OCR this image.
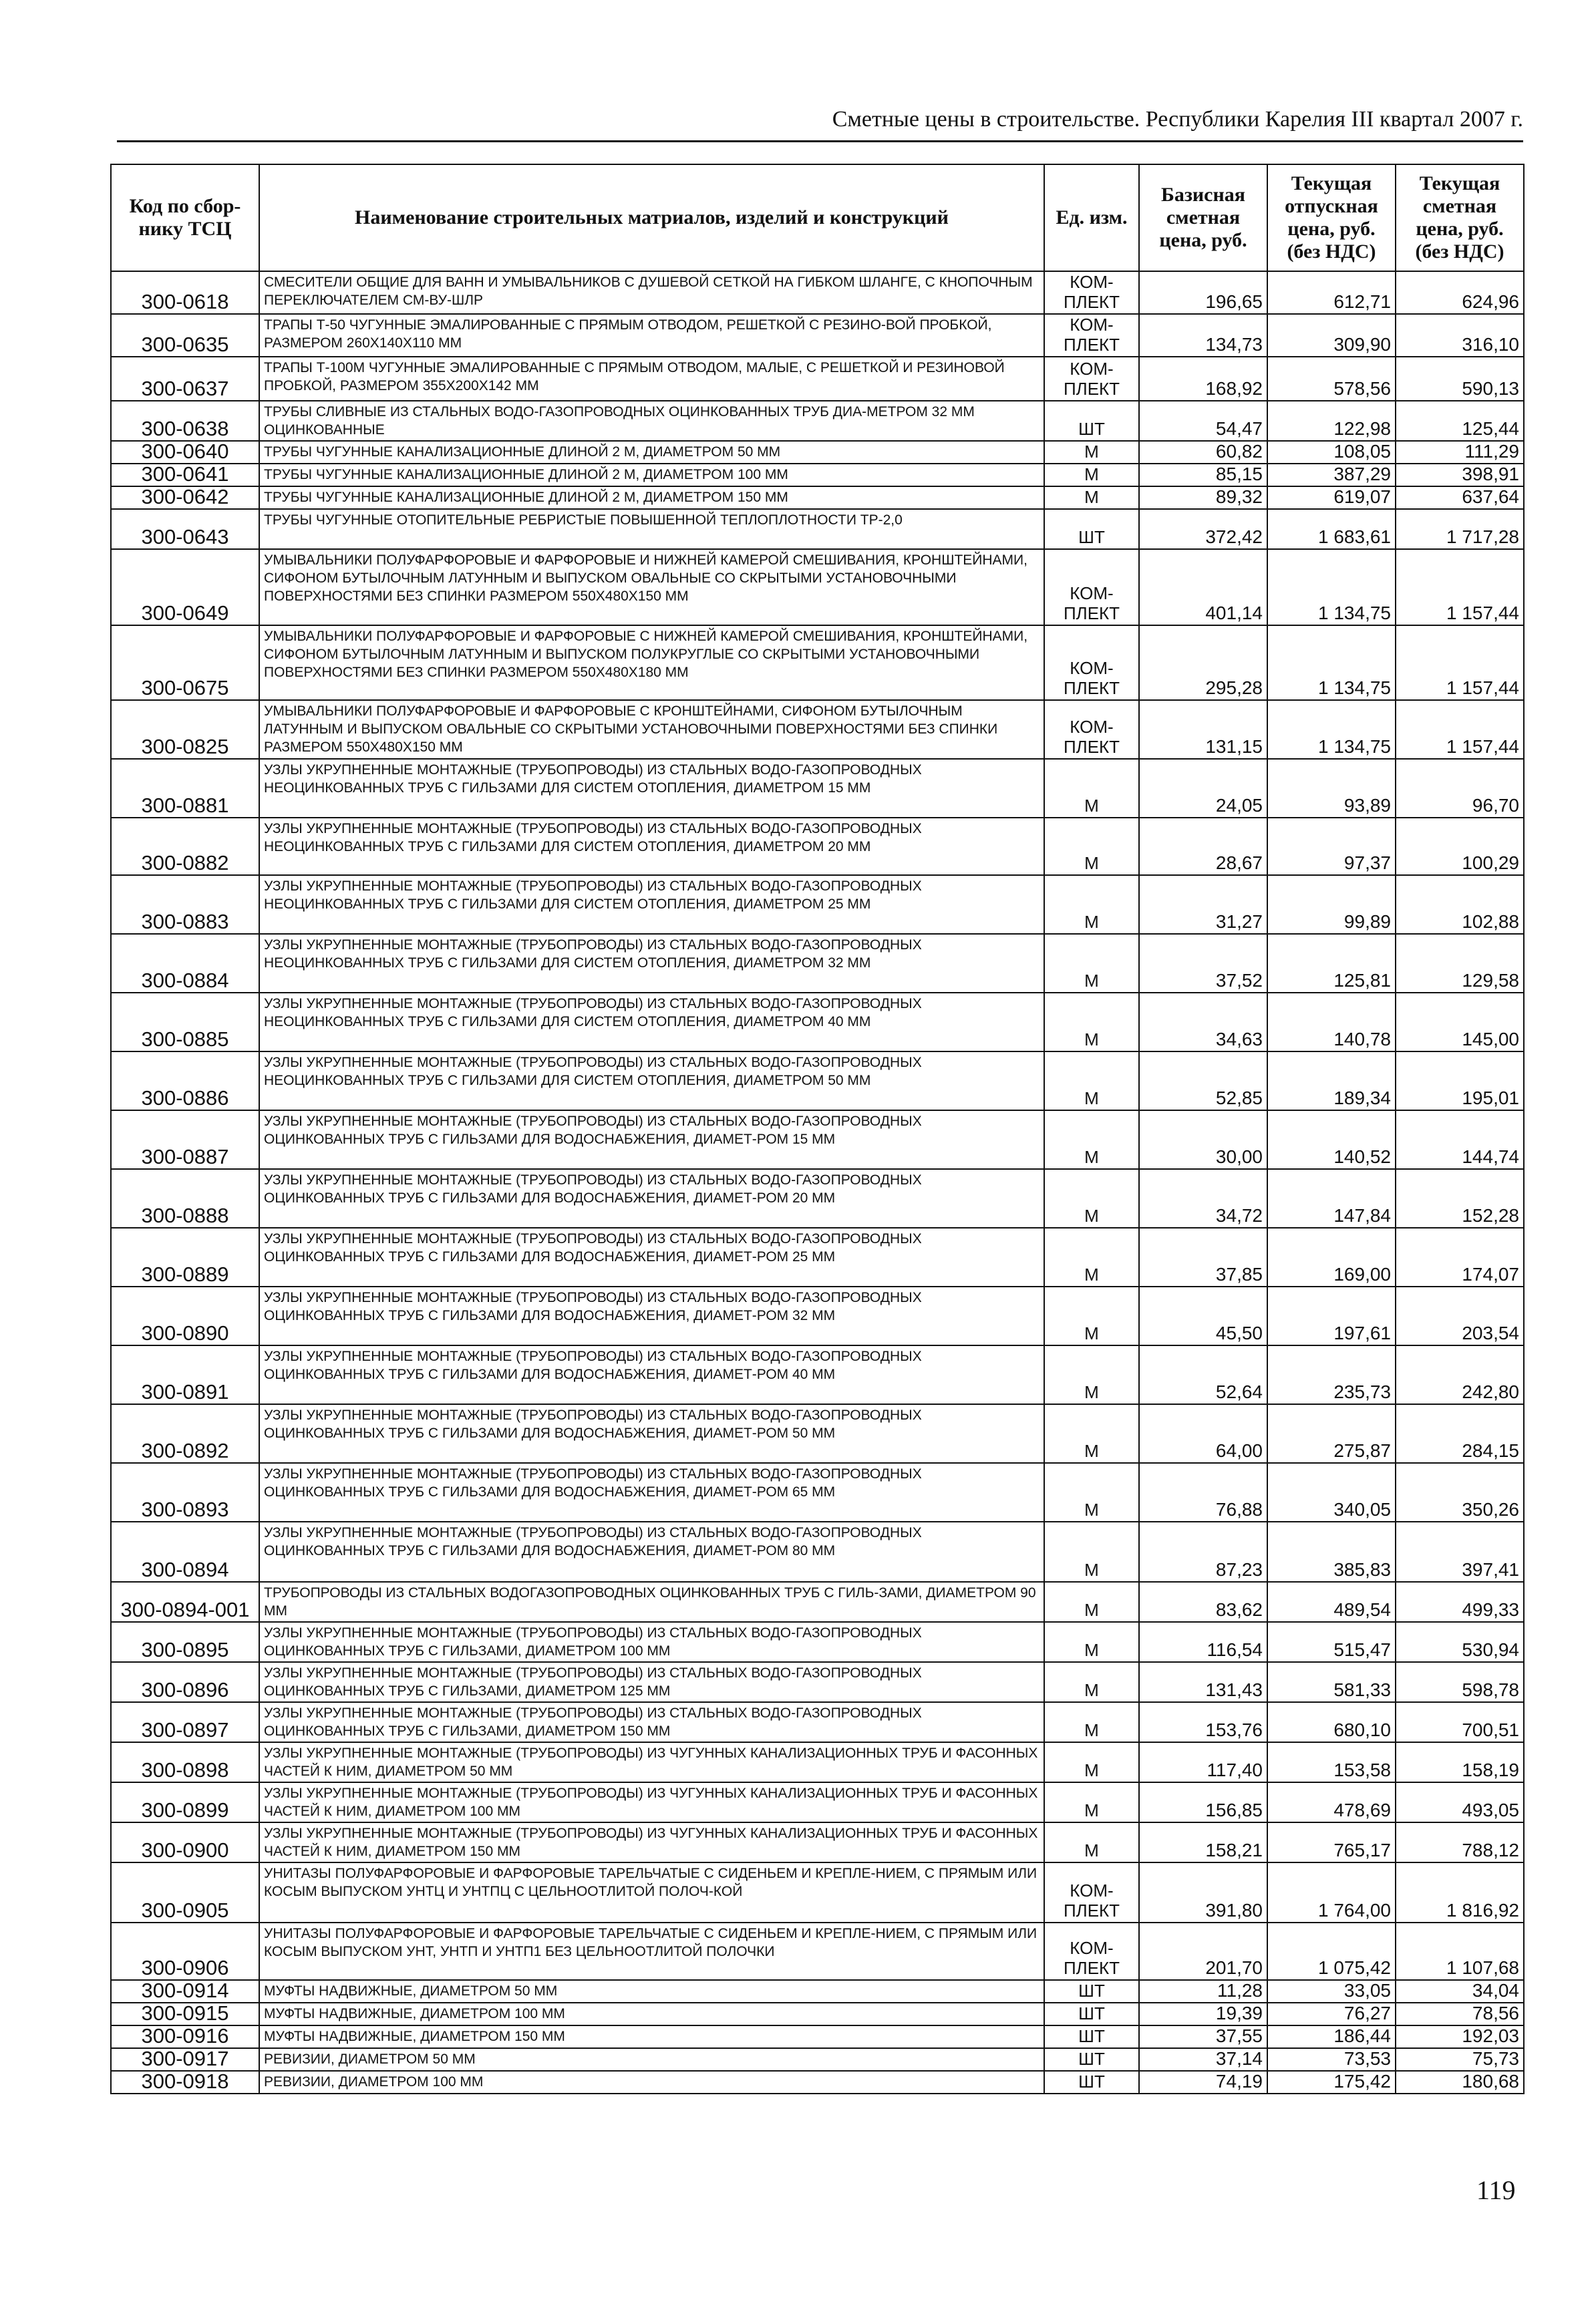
Сметные цены в строительстве. Республики Карелия III квартал 2007 г.
Код по сбор-нику ТСЦ	Наименование строительных матриалов, изделий и конструкций	Ед. изм.	Базисная сметная цена, руб.	Текущая отпускная цена, руб. (без НДС)	Текущая сметная цена, руб. (без НДС)
300-0618	СМЕСИТЕЛИ ОБЩИЕ ДЛЯ ВАНН И УМЫВАЛЬНИКОВ С ДУШЕВОЙ СЕТКОЙ НА ГИБКОМ ШЛАНГЕ, С КНОПОЧНЫМ ПЕРЕКЛЮЧАТЕЛЕМ СМ-ВУ-ШЛР	КОМ-ПЛЕКТ	196,65	612,71	624,96
300-0635	ТРАПЫ Т-50 ЧУГУННЫЕ ЭМАЛИРОВАННЫЕ С ПРЯМЫМ ОТВОДОМ, РЕШЕТКОЙ С РЕЗИНО-ВОЙ ПРОБКОЙ, РАЗМЕРОМ 260Х140Х110 ММ	КОМ-ПЛЕКТ	134,73	309,90	316,10
300-0637	ТРАПЫ Т-100М ЧУГУННЫЕ ЭМАЛИРОВАННЫЕ С ПРЯМЫМ ОТВОДОМ, МАЛЫЕ, С РЕШЕТКОЙ И РЕЗИНОВОЙ ПРОБКОЙ, РАЗМЕРОМ 355Х200Х142 ММ	КОМ-ПЛЕКТ	168,92	578,56	590,13
300-0638	ТРУБЫ СЛИВНЫЕ ИЗ СТАЛЬНЫХ ВОДО-ГАЗОПРОВОДНЫХ ОЦИНКОВАННЫХ ТРУБ ДИА-МЕТРОМ 32 ММ ОЦИНКОВАННЫЕ	ШТ	54,47	122,98	125,44
300-0640	ТРУБЫ ЧУГУННЫЕ КАНАЛИЗАЦИОННЫЕ ДЛИНОЙ 2 М, ДИАМЕТРОМ 50 ММ	М	60,82	108,05	111,29
300-0641	ТРУБЫ ЧУГУННЫЕ КАНАЛИЗАЦИОННЫЕ ДЛИНОЙ 2 М, ДИАМЕТРОМ 100 ММ	М	85,15	387,29	398,91
300-0642	ТРУБЫ ЧУГУННЫЕ КАНАЛИЗАЦИОННЫЕ ДЛИНОЙ 2 М, ДИАМЕТРОМ 150 ММ	М	89,32	619,07	637,64
300-0643	ТРУБЫ ЧУГУННЫЕ ОТОПИТЕЛЬНЫЕ РЕБРИСТЫЕ ПОВЫШЕННОЙ ТЕПЛОПЛОТНОСТИ ТР-2,0	ШТ	372,42	1 683,61	1 717,28
300-0649	УМЫВАЛЬНИКИ ПОЛУФАРФОРОВЫЕ И ФАРФОРОВЫЕ И НИЖНЕЙ КАМЕРОЙ СМЕШИВАНИЯ, КРОНШТЕЙНАМИ, СИФОНОМ БУТЫЛОЧНЫМ ЛАТУННЫМ И ВЫПУСКОМ ОВАЛЬНЫЕ СО СКРЫТЫМИ УСТАНОВОЧНЫМИ ПОВЕРХНОСТЯМИ БЕЗ СПИНКИ РАЗМЕРОМ 550Х480Х150 ММ	КОМ-ПЛЕКТ	401,14	1 134,75	1 157,44
300-0675	УМЫВАЛЬНИКИ ПОЛУФАРФОРОВЫЕ И ФАРФОРОВЫЕ С НИЖНЕЙ КАМЕРОЙ СМЕШИВАНИЯ, КРОНШТЕЙНАМИ, СИФОНОМ БУТЫЛОЧНЫМ ЛАТУННЫМ И ВЫПУСКОМ ПОЛУКРУГЛЫЕ СО СКРЫТЫМИ УСТАНОВОЧНЫМИ ПОВЕРХНОСТЯМИ БЕЗ СПИНКИ РАЗМЕРОМ 550Х480Х180 ММ	КОМ-ПЛЕКТ	295,28	1 134,75	1 157,44
300-0825	УМЫВАЛЬНИКИ ПОЛУФАРФОРОВЫЕ И ФАРФОРОВЫЕ С КРОНШТЕЙНАМИ, СИФОНОМ БУТЫЛОЧНЫМ ЛАТУННЫМ И ВЫПУСКОМ ОВАЛЬНЫЕ СО СКРЫТЫМИ УСТАНОВОЧНЫМИ ПОВЕРХНОСТЯМИ БЕЗ СПИНКИ РАЗМЕРОМ 550Х480Х150 ММ	КОМ-ПЛЕКТ	131,15	1 134,75	1 157,44
300-0881	УЗЛЫ УКРУПНЕННЫЕ МОНТАЖНЫЕ (ТРУБОПРОВОДЫ) ИЗ СТАЛЬНЫХ ВОДО-ГАЗОПРОВОДНЫХ НЕОЦИНКОВАННЫХ ТРУБ С ГИЛЬЗАМИ ДЛЯ СИСТЕМ ОТОПЛЕНИЯ, ДИАМЕТРОМ 15 ММ	М	24,05	93,89	96,70
300-0882	УЗЛЫ УКРУПНЕННЫЕ МОНТАЖНЫЕ (ТРУБОПРОВОДЫ) ИЗ СТАЛЬНЫХ ВОДО-ГАЗОПРОВОДНЫХ НЕОЦИНКОВАННЫХ ТРУБ С ГИЛЬЗАМИ ДЛЯ СИСТЕМ ОТОПЛЕНИЯ, ДИАМЕТРОМ 20 ММ	М	28,67	97,37	100,29
300-0883	УЗЛЫ УКРУПНЕННЫЕ МОНТАЖНЫЕ (ТРУБОПРОВОДЫ) ИЗ СТАЛЬНЫХ ВОДО-ГАЗОПРОВОДНЫХ НЕОЦИНКОВАННЫХ ТРУБ С ГИЛЬЗАМИ ДЛЯ СИСТЕМ ОТОПЛЕНИЯ, ДИАМЕТРОМ 25 ММ	М	31,27	99,89	102,88
300-0884	УЗЛЫ УКРУПНЕННЫЕ МОНТАЖНЫЕ (ТРУБОПРОВОДЫ) ИЗ СТАЛЬНЫХ ВОДО-ГАЗОПРОВОДНЫХ НЕОЦИНКОВАННЫХ ТРУБ С ГИЛЬЗАМИ ДЛЯ СИСТЕМ ОТОПЛЕНИЯ, ДИАМЕТРОМ 32 ММ	М	37,52	125,81	129,58
300-0885	УЗЛЫ УКРУПНЕННЫЕ МОНТАЖНЫЕ (ТРУБОПРОВОДЫ) ИЗ СТАЛЬНЫХ ВОДО-ГАЗОПРОВОДНЫХ НЕОЦИНКОВАННЫХ ТРУБ С ГИЛЬЗАМИ ДЛЯ СИСТЕМ ОТОПЛЕНИЯ, ДИАМЕТРОМ 40 ММ	М	34,63	140,78	145,00
300-0886	УЗЛЫ УКРУПНЕННЫЕ МОНТАЖНЫЕ (ТРУБОПРОВОДЫ) ИЗ СТАЛЬНЫХ ВОДО-ГАЗОПРОВОДНЫХ НЕОЦИНКОВАННЫХ ТРУБ С ГИЛЬЗАМИ ДЛЯ СИСТЕМ ОТОПЛЕНИЯ, ДИАМЕТРОМ 50 ММ	М	52,85	189,34	195,01
300-0887	УЗЛЫ УКРУПНЕННЫЕ МОНТАЖНЫЕ (ТРУБОПРОВОДЫ) ИЗ СТАЛЬНЫХ ВОДО-ГАЗОПРОВОДНЫХ ОЦИНКОВАННЫХ ТРУБ С ГИЛЬЗАМИ ДЛЯ ВОДОСНАБЖЕНИЯ, ДИАМЕТ-РОМ 15 ММ	М	30,00	140,52	144,74
300-0888	УЗЛЫ УКРУПНЕННЫЕ МОНТАЖНЫЕ (ТРУБОПРОВОДЫ) ИЗ СТАЛЬНЫХ ВОДО-ГАЗОПРОВОДНЫХ ОЦИНКОВАННЫХ ТРУБ С ГИЛЬЗАМИ ДЛЯ ВОДОСНАБЖЕНИЯ, ДИАМЕТ-РОМ 20 ММ	М	34,72	147,84	152,28
300-0889	УЗЛЫ УКРУПНЕННЫЕ МОНТАЖНЫЕ (ТРУБОПРОВОДЫ) ИЗ СТАЛЬНЫХ ВОДО-ГАЗОПРОВОДНЫХ ОЦИНКОВАННЫХ ТРУБ С ГИЛЬЗАМИ ДЛЯ ВОДОСНАБЖЕНИЯ, ДИАМЕТ-РОМ 25 ММ	М	37,85	169,00	174,07
300-0890	УЗЛЫ УКРУПНЕННЫЕ МОНТАЖНЫЕ (ТРУБОПРОВОДЫ) ИЗ СТАЛЬНЫХ ВОДО-ГАЗОПРОВОДНЫХ ОЦИНКОВАННЫХ ТРУБ С ГИЛЬЗАМИ ДЛЯ ВОДОСНАБЖЕНИЯ, ДИАМЕТ-РОМ 32 ММ	М	45,50	197,61	203,54
300-0891	УЗЛЫ УКРУПНЕННЫЕ МОНТАЖНЫЕ (ТРУБОПРОВОДЫ) ИЗ СТАЛЬНЫХ ВОДО-ГАЗОПРОВОДНЫХ ОЦИНКОВАННЫХ ТРУБ С ГИЛЬЗАМИ ДЛЯ ВОДОСНАБЖЕНИЯ, ДИАМЕТ-РОМ 40 ММ	М	52,64	235,73	242,80
300-0892	УЗЛЫ УКРУПНЕННЫЕ МОНТАЖНЫЕ (ТРУБОПРОВОДЫ) ИЗ СТАЛЬНЫХ ВОДО-ГАЗОПРОВОДНЫХ ОЦИНКОВАННЫХ ТРУБ С ГИЛЬЗАМИ ДЛЯ ВОДОСНАБЖЕНИЯ, ДИАМЕТ-РОМ 50 ММ	М	64,00	275,87	284,15
300-0893	УЗЛЫ УКРУПНЕННЫЕ МОНТАЖНЫЕ (ТРУБОПРОВОДЫ) ИЗ СТАЛЬНЫХ ВОДО-ГАЗОПРОВОДНЫХ ОЦИНКОВАННЫХ ТРУБ С ГИЛЬЗАМИ ДЛЯ ВОДОСНАБЖЕНИЯ, ДИАМЕТ-РОМ 65 ММ	М	76,88	340,05	350,26
300-0894	УЗЛЫ УКРУПНЕННЫЕ МОНТАЖНЫЕ (ТРУБОПРОВОДЫ) ИЗ СТАЛЬНЫХ ВОДО-ГАЗОПРОВОДНЫХ ОЦИНКОВАННЫХ ТРУБ С ГИЛЬЗАМИ ДЛЯ ВОДОСНАБЖЕНИЯ, ДИАМЕТ-РОМ 80 ММ	М	87,23	385,83	397,41
300-0894-001	ТРУБОПРОВОДЫ ИЗ СТАЛЬНЫХ ВОДОГАЗОПРОВОДНЫХ ОЦИНКОВАННЫХ ТРУБ С ГИЛЬ-ЗАМИ, ДИАМЕТРОМ 90 ММ	М	83,62	489,54	499,33
300-0895	УЗЛЫ УКРУПНЕННЫЕ МОНТАЖНЫЕ (ТРУБОПРОВОДЫ) ИЗ СТАЛЬНЫХ ВОДО-ГАЗОПРОВОДНЫХ ОЦИНКОВАННЫХ ТРУБ С ГИЛЬЗАМИ, ДИАМЕТРОМ 100 ММ	М	116,54	515,47	530,94
300-0896	УЗЛЫ УКРУПНЕННЫЕ МОНТАЖНЫЕ (ТРУБОПРОВОДЫ) ИЗ СТАЛЬНЫХ ВОДО-ГАЗОПРОВОДНЫХ ОЦИНКОВАННЫХ ТРУБ С ГИЛЬЗАМИ, ДИАМЕТРОМ 125 ММ	М	131,43	581,33	598,78
300-0897	УЗЛЫ УКРУПНЕННЫЕ МОНТАЖНЫЕ (ТРУБОПРОВОДЫ) ИЗ СТАЛЬНЫХ ВОДО-ГАЗОПРОВОДНЫХ ОЦИНКОВАННЫХ ТРУБ С ГИЛЬЗАМИ, ДИАМЕТРОМ 150 ММ	М	153,76	680,10	700,51
300-0898	УЗЛЫ УКРУПНЕННЫЕ МОНТАЖНЫЕ (ТРУБОПРОВОДЫ) ИЗ ЧУГУННЫХ КАНАЛИЗАЦИОННЫХ ТРУБ И ФАСОННЫХ ЧАСТЕЙ К НИМ, ДИАМЕТРОМ 50 ММ	М	117,40	153,58	158,19
300-0899	УЗЛЫ УКРУПНЕННЫЕ МОНТАЖНЫЕ (ТРУБОПРОВОДЫ) ИЗ ЧУГУННЫХ КАНАЛИЗАЦИОННЫХ ТРУБ И ФАСОННЫХ ЧАСТЕЙ К НИМ, ДИАМЕТРОМ 100 ММ	М	156,85	478,69	493,05
300-0900	УЗЛЫ УКРУПНЕННЫЕ МОНТАЖНЫЕ (ТРУБОПРОВОДЫ) ИЗ ЧУГУННЫХ КАНАЛИЗАЦИОННЫХ ТРУБ И ФАСОННЫХ ЧАСТЕЙ К НИМ, ДИАМЕТРОМ 150 ММ	М	158,21	765,17	788,12
300-0905	УНИТАЗЫ ПОЛУФАРФОРОВЫЕ И ФАРФОРОВЫЕ ТАРЕЛЬЧАТЫЕ С СИДЕНЬЕМ И КРЕПЛЕ-НИЕМ, С ПРЯМЫМ ИЛИ КОСЫМ ВЫПУСКОМ УНТЦ И УНТПЦ С ЦЕЛЬНООТЛИТОЙ ПОЛОЧ-КОЙ	КОМ-ПЛЕКТ	391,80	1 764,00	1 816,92
300-0906	УНИТАЗЫ ПОЛУФАРФОРОВЫЕ И ФАРФОРОВЫЕ ТАРЕЛЬЧАТЫЕ С СИДЕНЬЕМ И КРЕПЛЕ-НИЕМ, С ПРЯМЫМ ИЛИ КОСЫМ ВЫПУСКОМ УНТ, УНТП И УНТП1 БЕЗ ЦЕЛЬНООТЛИТОЙ ПОЛОЧКИ	КОМ-ПЛЕКТ	201,70	1 075,42	1 107,68
300-0914	МУФТЫ НАДВИЖНЫЕ, ДИАМЕТРОМ 50 ММ	ШТ	11,28	33,05	34,04
300-0915	МУФТЫ НАДВИЖНЫЕ, ДИАМЕТРОМ 100 ММ	ШТ	19,39	76,27	78,56
300-0916	МУФТЫ НАДВИЖНЫЕ, ДИАМЕТРОМ 150 ММ	ШТ	37,55	186,44	192,03
300-0917	РЕВИЗИИ, ДИАМЕТРОМ 50 ММ	ШТ	37,14	73,53	75,73
300-0918	РЕВИЗИИ, ДИАМЕТРОМ 100 ММ	ШТ	74,19	175,42	180,68
119
